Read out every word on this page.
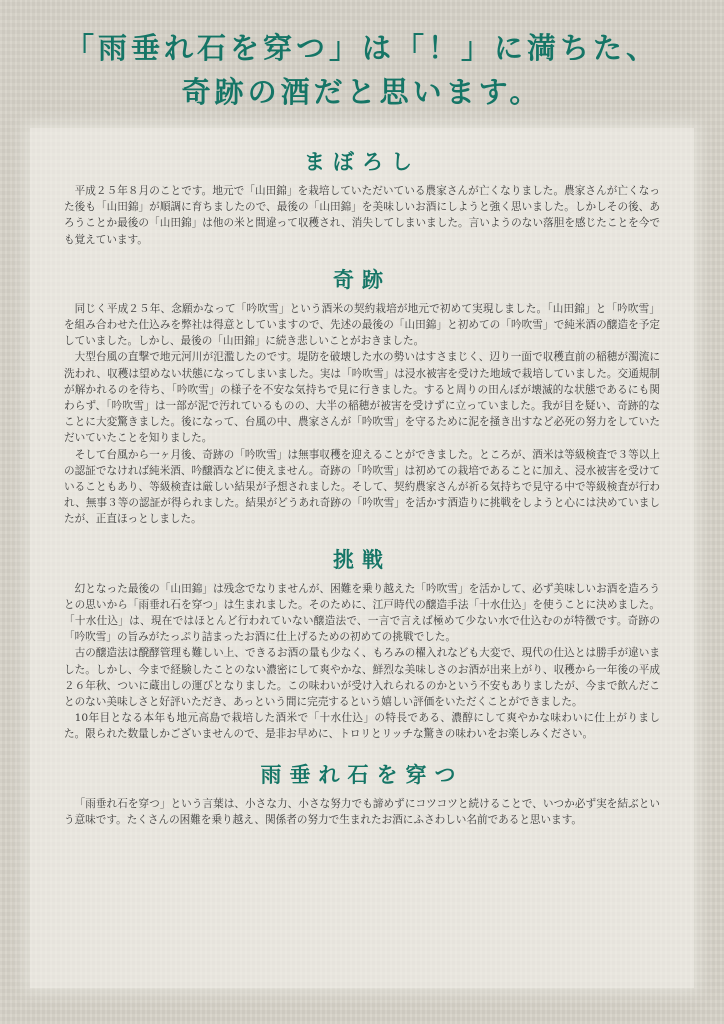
「雨垂れ石を穿つ」は「！」に満ちた、
奇跡の酒だと思います。
まぼろし

平成２５年８月のことです。地元で「山田錦」を栽培していただいている農家さんが亡くなりました。農家さんが亡くなった後も「山田錦」が順調に育ちましたので、最後の「山田錦」を美味しいお酒にしようと強く思いました。しかしその後、あろうことか最後の「山田錦」は他の米と間違って収穫され、消失してしまいました。言いようのない落胆を感じたことを今でも覚えています。

奇跡

同じく平成２５年、念願かなって「吟吹雪」という酒米の契約栽培が地元で初めて実現しました。「山田錦」と「吟吹雪」を組み合わせた仕込みを弊社は得意としていますので、先述の最後の「山田錦」と初めての「吟吹雪」で純米酒の醸造を予定していました。しかし、最後の「山田錦」に続き悲しいことがおきました。

大型台風の直撃で地元河川が氾濫したのです。堤防を破壊した水の勢いはすさまじく、辺り一面で収穫直前の稲穂が濁流に洗われ、収穫は望めない状態になってしまいました。実は「吟吹雪」は浸水被害を受けた地域で栽培していました。交通規制が解かれるのを待ち、「吟吹雪」の様子を不安な気持ちで見に行きました。すると周りの田んぼが壊滅的な状態であるにも関わらず、「吟吹雪」は一部が泥で汚れているものの、大半の稲穂が被害を受けずに立っていました。我が目を疑い、奇跡的なことに大変驚きました。後になって、台風の中、農家さんが「吟吹雪」を守るために泥を掻き出すなど必死の努力をしていただいていたことを知りました。

そして台風から一ヶ月後、奇跡の「吟吹雪」は無事収穫を迎えることができました。ところが、酒米は等級検査で３等以上の認証でなければ純米酒、吟醸酒などに使えません。奇跡の「吟吹雪」は初めての栽培であることに加え、浸水被害を受けていることもあり、等級検査は厳しい結果が予想されました。そして、契約農家さんが祈る気持ちで見守る中で等級検査が行われ、無事３等の認証が得られました。結果がどうあれ奇跡の「吟吹雪」を活かす酒造りに挑戦をしようと心には決めていましたが、正直ほっとしました。

挑戦

幻となった最後の「山田錦」は残念でなりませんが、困難を乗り越えた「吟吹雪」を活かして、必ず美味しいお酒を造ろうとの思いから「雨垂れ石を穿つ」は生まれました。そのために、江戸時代の醸造手法「十水仕込」を使うことに決めました。「十水仕込」は、現在ではほとんど行われていない醸造法で、一言で言えば極めて少ない水で仕込むのが特徴です。奇跡の「吟吹雪」の旨みがたっぷり詰まったお酒に仕上げるための初めての挑戦でした。

古の醸造法は醗酵管理も難しい上、できるお酒の量も少なく、もろみの櫂入れなども大変で、現代の仕込とは勝手が違いました。しかし、今まで経験したことのない濃密にして爽やかな、鮮烈な美味しさのお酒が出来上がり、収穫から一年後の平成２６年秋、ついに蔵出しの運びとなりました。この味わいが受け入れられるのかという不安もありましたが、今まで飲んだことのない美味しさと好評いただき、あっという間に完売するという嬉しい評価をいただくことができました。

10年目となる本年も地元高島で栽培した酒米で「十水仕込」の特長である、濃醇にして爽やかな味わいに仕上がりました。限られた数量しかございませんので、是非お早めに、トロリとリッチな驚きの味わいをお楽しみください。

雨垂れ石を穿つ

「雨垂れ石を穿つ」という言葉は、小さな力、小さな努力でも諦めずにコツコツと続けることで、いつか必ず実を結ぶという意味です。たくさんの困難を乗り越え、関係者の努力で生まれたお酒にふさわしい名前であると思います。
